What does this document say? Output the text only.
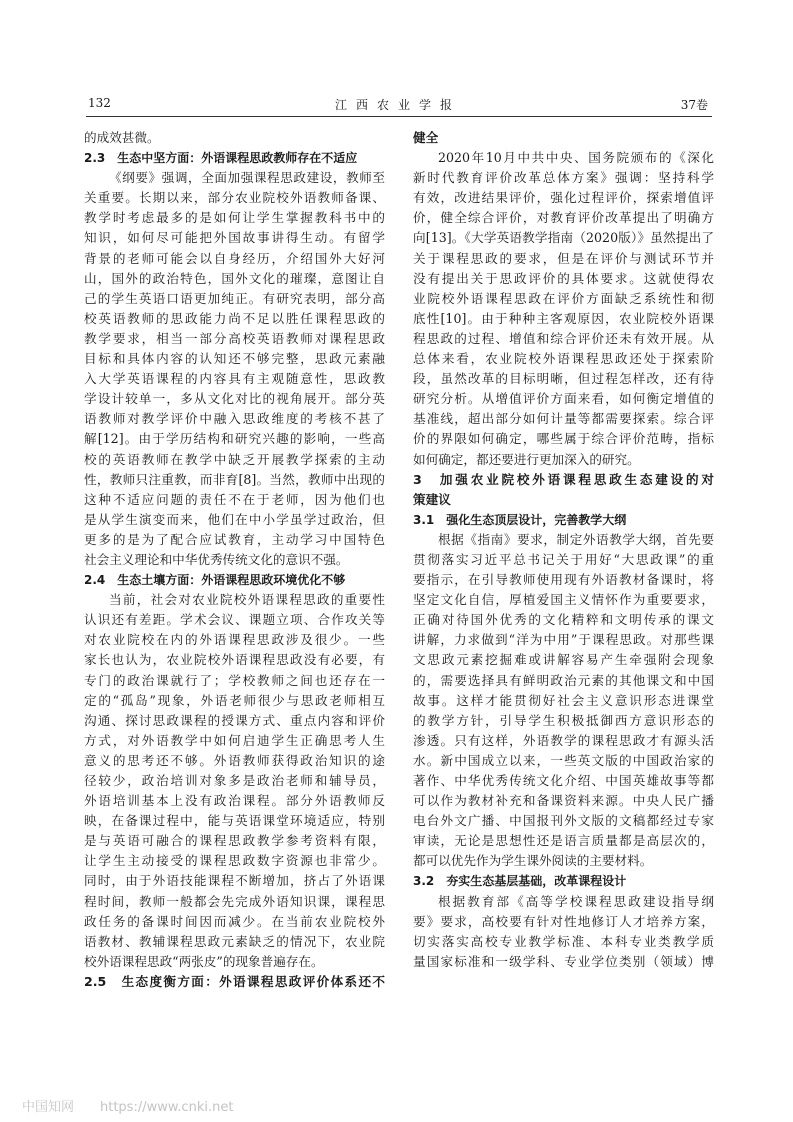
132	江西农业学报	37卷
的成效甚微。
2.3　生态中坚方面：外语课程思政教师存在不适应
《纲要》强调，全面加强课程思政建设，教师至
关重要。长期以来，部分农业院校外语教师备课、
教学时考虑最多的是如何让学生掌握教科书中的
知识，如何尽可能把外国故事讲得生动。有留学
背景的老师可能会以自身经历，介绍国外大好河
山，国外的政治特色，国外文化的璀璨，意图让自
己的学生英语口语更加纯正。有研究表明，部分高
校英语教师的思政能力尚不足以胜任课程思政的
教学要求，相当一部分高校英语教师对课程思政
目标和具体内容的认知还不够完整，思政元素融
入大学英语课程的内容具有主观随意性，思政教
学设计较单一，多从文化对比的视角展开。部分英
语教师对教学评价中融入思政维度的考核不甚了
解[12]。由于学历结构和研究兴趣的影响，一些高
校的英语教师在教学中缺乏开展教学探索的主动
性，教师只注重教，而非育[8]。当然，教师中出现的
这种不适应问题的责任不在于老师，因为他们也
是从学生演变而来，他们在中小学虽学过政治，但
更多的是为了配合应试教育，主动学习中国特色
社会主义理论和中华优秀传统文化的意识不强。
2.4　生态土壤方面：外语课程思政环境优化不够
当前，社会对农业院校外语课程思政的重要性
认识还有差距。学术会议、课题立项、合作攻关等
对农业院校在内的外语课程思政涉及很少。一些
家长也认为，农业院校外语课程思政没有必要，有
专门的政治课就行了；学校教师之间也还存在一
定的“孤岛”现象，外语老师很少与思政老师相互
沟通、探讨思政课程的授课方式、重点内容和评价
方式，对外语教学中如何启迪学生正确思考人生
意义的思考还不够。外语教师获得政治知识的途
径较少，政治培训对象多是政治老师和辅导员，
外语培训基本上没有政治课程。部分外语教师反
映，在备课过程中，能与英语课堂环境适应，特别
是与英语可融合的课程思政教学参考资料有限，
让学生主动接受的课程思政数字资源也非常少。
同时，由于外语技能课程不断增加，挤占了外语课
程时间，教师一般都会先完成外语知识课，课程思
政任务的备课时间因而减少。在当前农业院校外
语教材、教辅课程思政元素缺乏的情况下，农业院
校外语课程思政“两张皮”的现象普遍存在。
2.5　生态度衡方面：外语课程思政评价体系还不
健全
2020年10月中共中央、国务院颁布的《深化
新时代教育评价改革总体方案》强调：坚持科学
有效，改进结果评价，强化过程评价，探索增值评
价，健全综合评价，对教育评价改革提出了明确方
向[13]。《大学英语教学指南（2020版）》虽然提出了
关于课程思政的要求，但是在评价与测试环节并
没有提出关于思政评价的具体要求。这就使得农
业院校外语课程思政在评价方面缺乏系统性和彻
底性[10]。由于种种主客观原因，农业院校外语课
程思政的过程、增值和综合评价还未有效开展。从
总体来看，农业院校外语课程思政还处于探索阶
段，虽然改革的目标明晰，但过程怎样改，还有待
研究分析。从增值评价方面来看，如何衡定增值的
基准线，超出部分如何计量等都需要探索。综合评
价的界限如何确定，哪些属于综合评价范畴，指标
如何确定，都还要进行更加深入的研究。
3　加强农业院校外语课程思政生态建设的对
策建议
3.1　强化生态顶层设计，完善教学大纲
根据《指南》要求，制定外语教学大纲，首先要
贯彻落实习近平总书记关于用好“大思政课”的重
要指示，在引导教师使用现有外语教材备课时，将
坚定文化自信，厚植爱国主义情怀作为重要要求，
正确对待国外优秀的文化精粹和文明传承的课文
讲解，力求做到“洋为中用”于课程思政。对那些课
文思政元素挖掘难或讲解容易产生牵强附会现象
的，需要选择具有鲜明政治元素的其他课文和中国
故事。这样才能贯彻好社会主义意识形态进课堂
的教学方针，引导学生积极抵御西方意识形态的
渗透。只有这样，外语教学的课程思政才有源头活
水。新中国成立以来，一些英文版的中国政治家的
著作、中华优秀传统文化介绍、中国英雄故事等都
可以作为教材补充和备课资料来源。中央人民广播
电台外文广播、中国报刊外文版的文稿都经过专家
审读，无论是思想性还是语言质量都是高层次的，
都可以优先作为学生课外阅读的主要材料。
3.2　夯实生态基层基础，改革课程设计
根据教育部《高等学校课程思政建设指导纲
要》要求，高校要有针对性地修订人才培养方案，
切实落实高校专业教学标准、本科专业类教学质
量国家标准和一级学科、专业学位类别（领域）博
中国知网　　https://www.cnki.net
